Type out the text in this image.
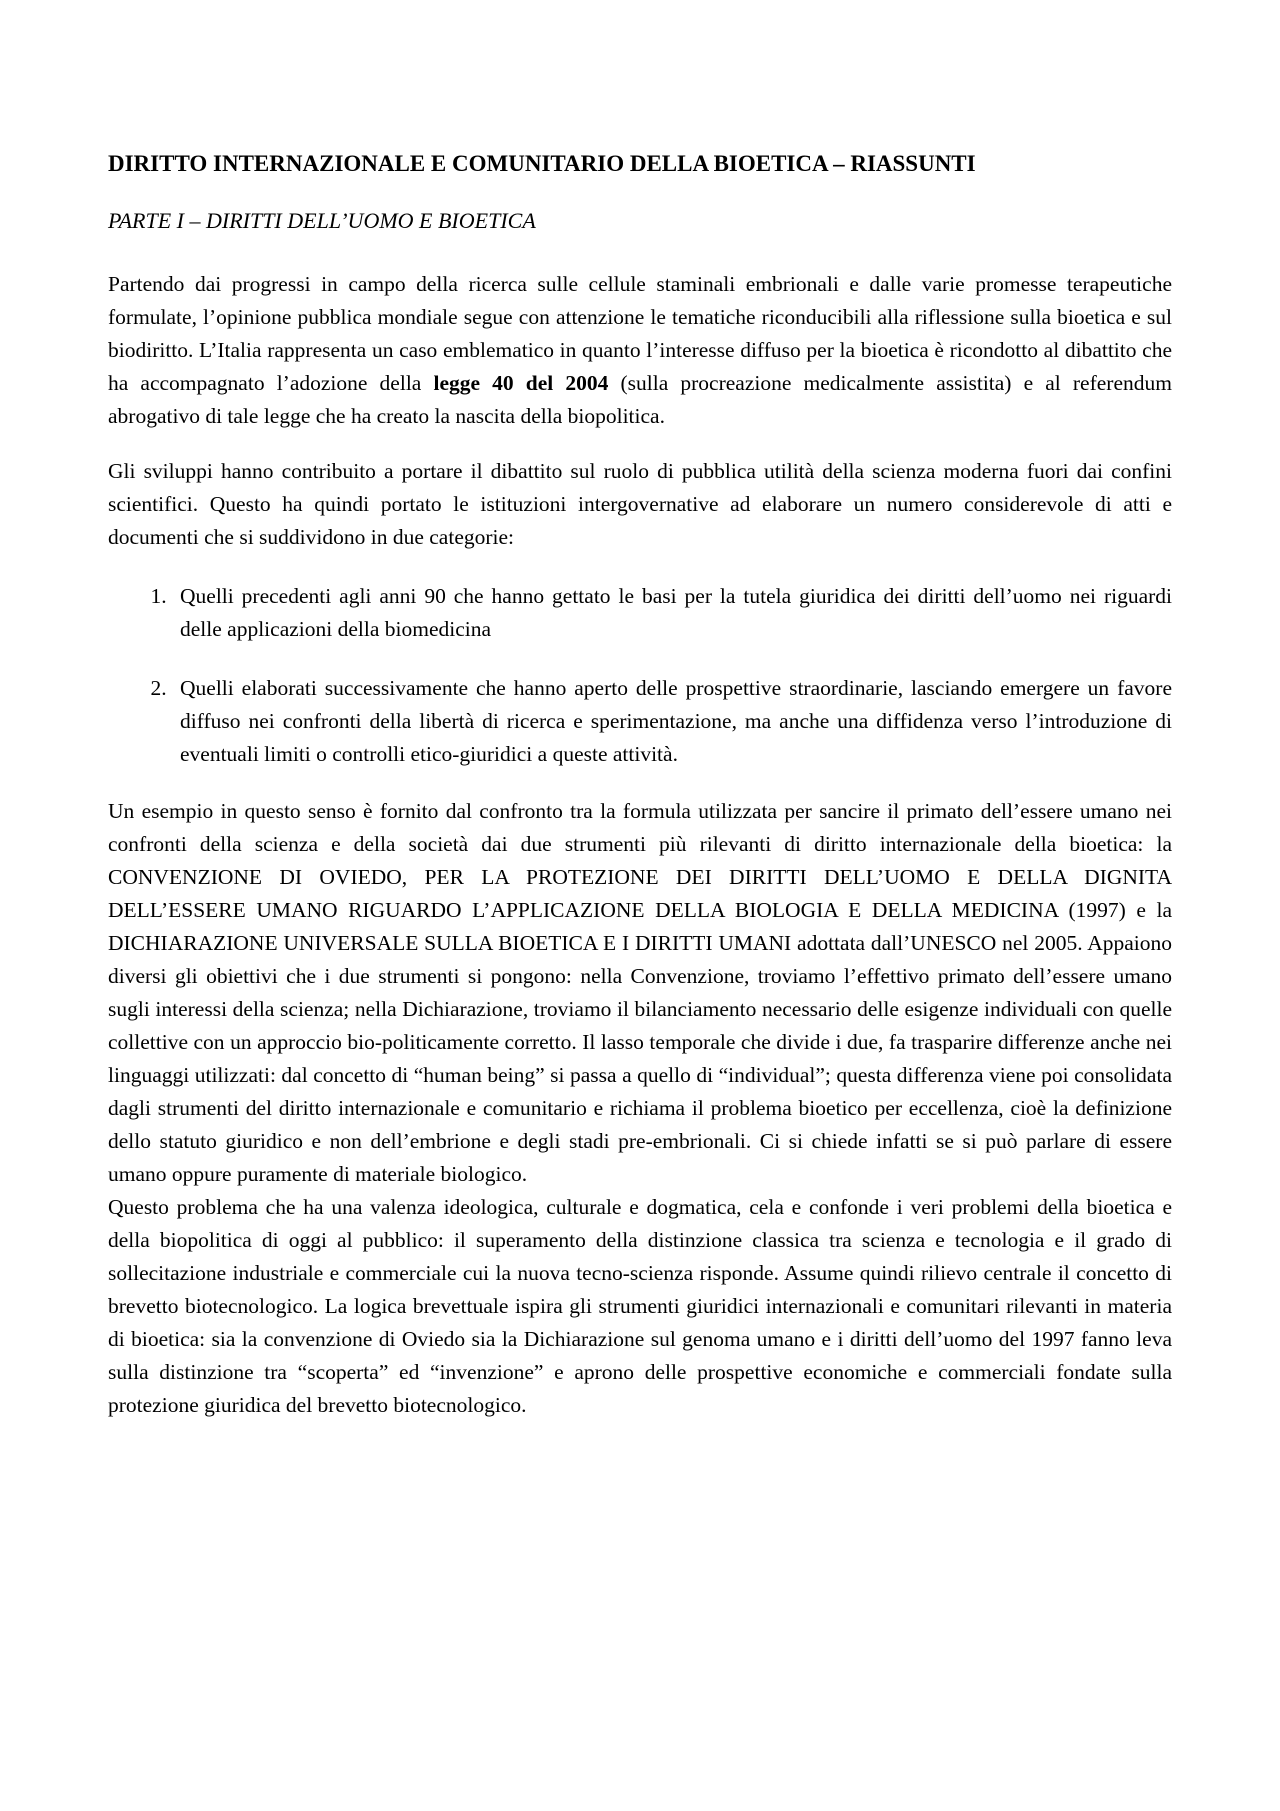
DIRITTO INTERNAZIONALE E COMUNITARIO DELLA BIOETICA – RIASSUNTI
PARTE I – DIRITTI DELL’UOMO E BIOETICA

Partendo dai progressi in campo della ricerca sulle cellule staminali embrionali e dalle varie promesse terapeutiche formulate, l’opinione pubblica mondiale segue con attenzione le tematiche riconducibili alla riflessione sulla bioetica e sul biodiritto. L’Italia rappresenta un caso emblematico in quanto l’interesse diffuso per la bioetica è ricondotto al dibattito che ha accompagnato l’adozione della legge 40 del 2004 (sulla procreazione medicalmente assistita) e al referendum abrogativo di tale legge che ha creato la nascita della biopolitica.

Gli sviluppi hanno contribuito a portare il dibattito sul ruolo di pubblica utilità della scienza moderna fuori dai confini scientifici. Questo ha quindi portato le istituzioni intergovernative ad elaborare un numero considerevole di atti e documenti che si suddividono in due categorie:

1. Quelli precedenti agli anni 90 che hanno gettato le basi per la tutela giuridica dei diritti dell’uomo nei riguardi delle applicazioni della biomedicina
2. Quelli elaborati successivamente che hanno aperto delle prospettive straordinarie, lasciando emergere un favore diffuso nei confronti della libertà di ricerca e sperimentazione, ma anche una diffidenza verso l’introduzione di eventuali limiti o controlli etico-giuridici a queste attività.

Un esempio in questo senso è fornito dal confronto tra la formula utilizzata per sancire il primato dell’essere umano nei confronti della scienza e della società dai due strumenti più rilevanti di diritto internazionale della bioetica: la CONVENZIONE DI OVIEDO, PER LA PROTEZIONE DEI DIRITTI DELL’UOMO E DELLA DIGNITA DELL’ESSERE UMANO RIGUARDO L’APPLICAZIONE DELLA BIOLOGIA E DELLA MEDICINA (1997) e la DICHIARAZIONE UNIVERSALE SULLA BIOETICA E I DIRITTI UMANI adottata dall’UNESCO nel 2005. Appaiono diversi gli obiettivi che i due strumenti si pongono: nella Convenzione, troviamo l’effettivo primato dell’essere umano sugli interessi della scienza; nella Dichiarazione, troviamo il bilanciamento necessario delle esigenze individuali con quelle collettive con un approccio bio-politicamente corretto. Il lasso temporale che divide i due, fa trasparire differenze anche nei linguaggi utilizzati: dal concetto di “human being” si passa a quello di “individual”; questa differenza viene poi consolidata dagli strumenti del diritto internazionale e comunitario e richiama il problema bioetico per eccellenza, cioè la definizione dello statuto giuridico e non dell’embrione e degli stadi pre-embrionali. Ci si chiede infatti se si può parlare di essere umano oppure puramente di materiale biologico.

Questo problema che ha una valenza ideologica, culturale e dogmatica, cela e confonde i veri problemi della bioetica e della biopolitica di oggi al pubblico: il superamento della distinzione classica tra scienza e tecnologia e il grado di sollecitazione industriale e commerciale cui la nuova tecno-scienza risponde. Assume quindi rilievo centrale il concetto di brevetto biotecnologico. La logica brevettuale ispira gli strumenti giuridici internazionali e comunitari rilevanti in materia di bioetica: sia la convenzione di Oviedo sia la Dichiarazione sul genoma umano e i diritti dell’uomo del 1997 fanno leva sulla distinzione tra “scoperta” ed “invenzione” e aprono delle prospettive economiche e commerciali fondate sulla protezione giuridica del brevetto biotecnologico.
